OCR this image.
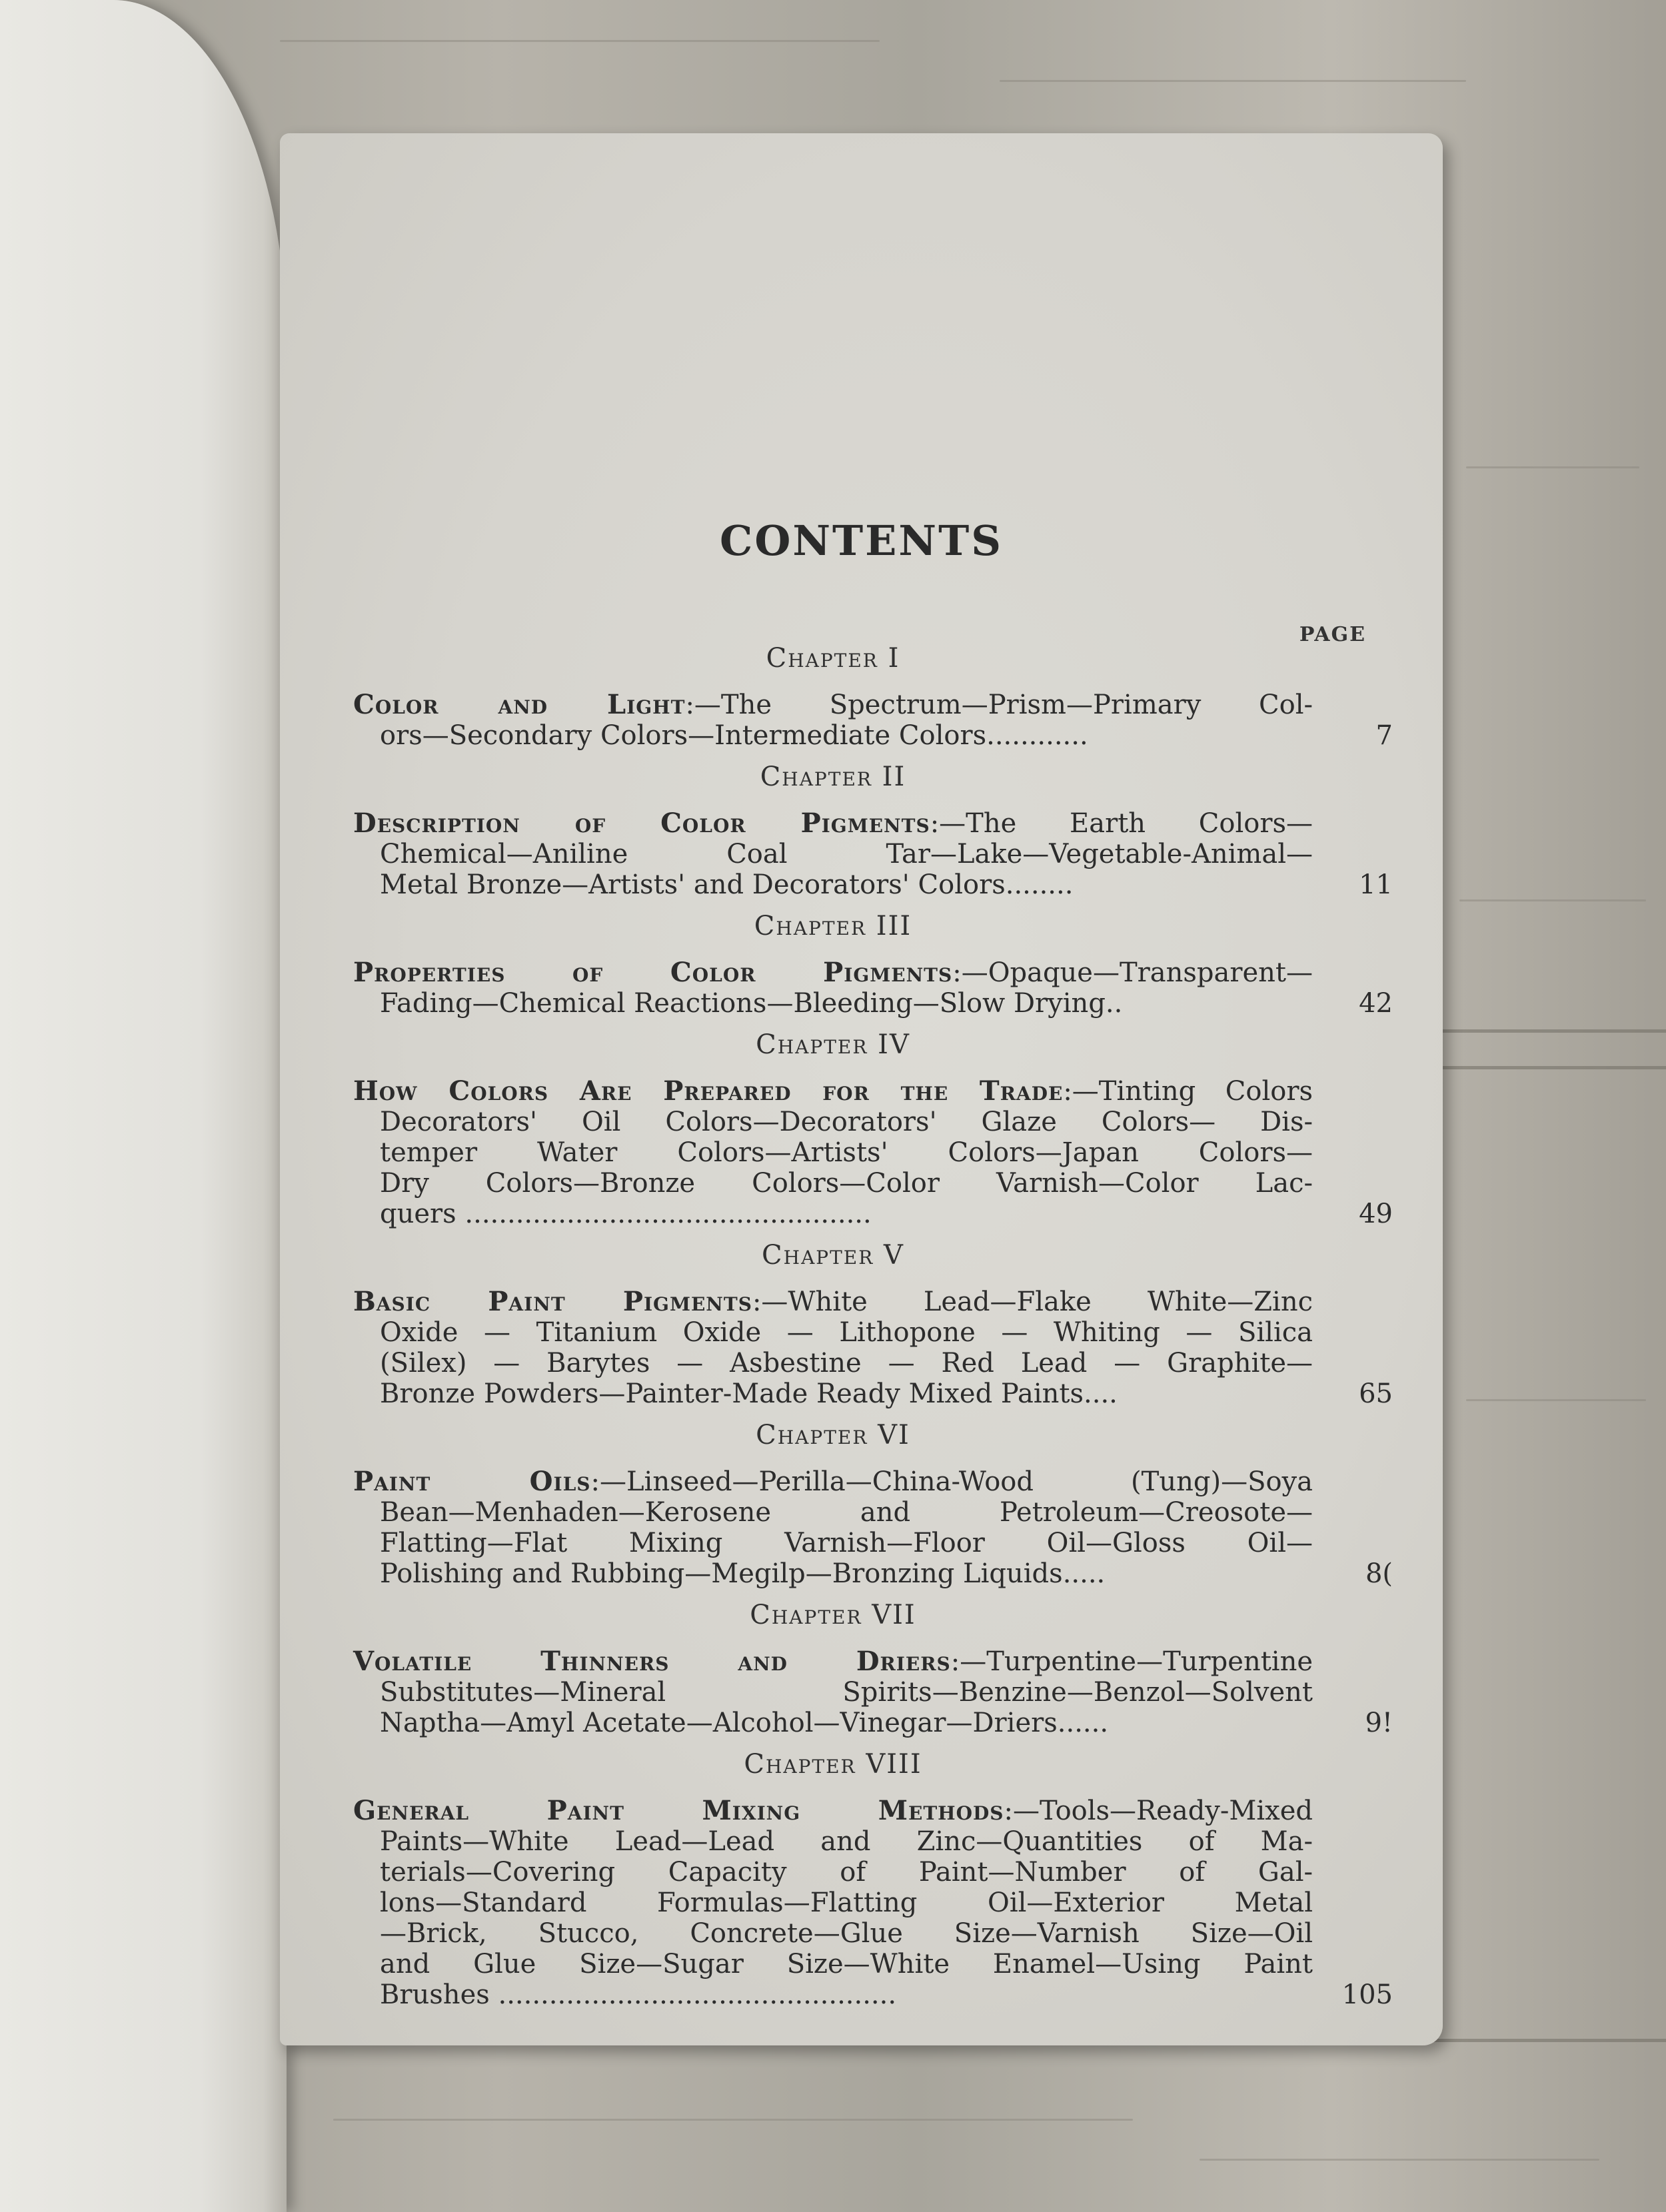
CONTENTS
PAGE
Chapter I
Color and Light:—The Spectrum—Prism—Primary Col-
ors—Secondary Colors—Intermediate Colors............	7
Chapter II
Description of Color Pigments:—The Earth Colors—
Chemical—Aniline Coal Tar—Lake—Vegetable-Animal—
Metal Bronze—Artists' and Decorators' Colors........	11
Chapter III
Properties of Color Pigments:—Opaque—Transparent—
Fading—Chemical Reactions—Bleeding—Slow Drying..	42
Chapter IV
How Colors Are Prepared for the Trade:—Tinting Colors
Decorators' Oil Colors—Decorators' Glaze Colors— Dis-
temper Water Colors—Artists' Colors—Japan Colors—
Dry Colors—Bronze Colors—Color Varnish—Color Lac-
quers ................................................	49
Chapter V
Basic Paint Pigments:—White Lead—Flake White—Zinc
Oxide — Titanium Oxide — Lithopone — Whiting — Silica
(Silex) — Barytes — Asbestine — Red Lead — Graphite—
Bronze Powders—Painter-Made Ready Mixed Paints....	65
Chapter VI
Paint Oils:—Linseed—Perilla—China-Wood (Tung)—Soya
Bean—Menhaden—Kerosene and Petroleum—Creosote—
Flatting—Flat Mixing Varnish—Floor Oil—Gloss Oil—
Polishing and Rubbing—Megilp—Bronzing Liquids.....	8(
Chapter VII
Volatile Thinners and Driers:—Turpentine—Turpentine
Substitutes—Mineral Spirits—Benzine—Benzol—Solvent
Naptha—Amyl Acetate—Alcohol—Vinegar—Driers......	9!
Chapter VIII
General Paint Mixing Methods:—Tools—Ready-Mixed
Paints—White Lead—Lead and Zinc—Quantities of Ma-
terials—Covering Capacity of Paint—Number of Gal-
lons—Standard Formulas—Flatting Oil—Exterior Metal
—Brick, Stucco, Concrete—Glue Size—Varnish Size—Oil
and Glue Size—Sugar Size—White Enamel—Using Paint
Brushes ...............................................	105
